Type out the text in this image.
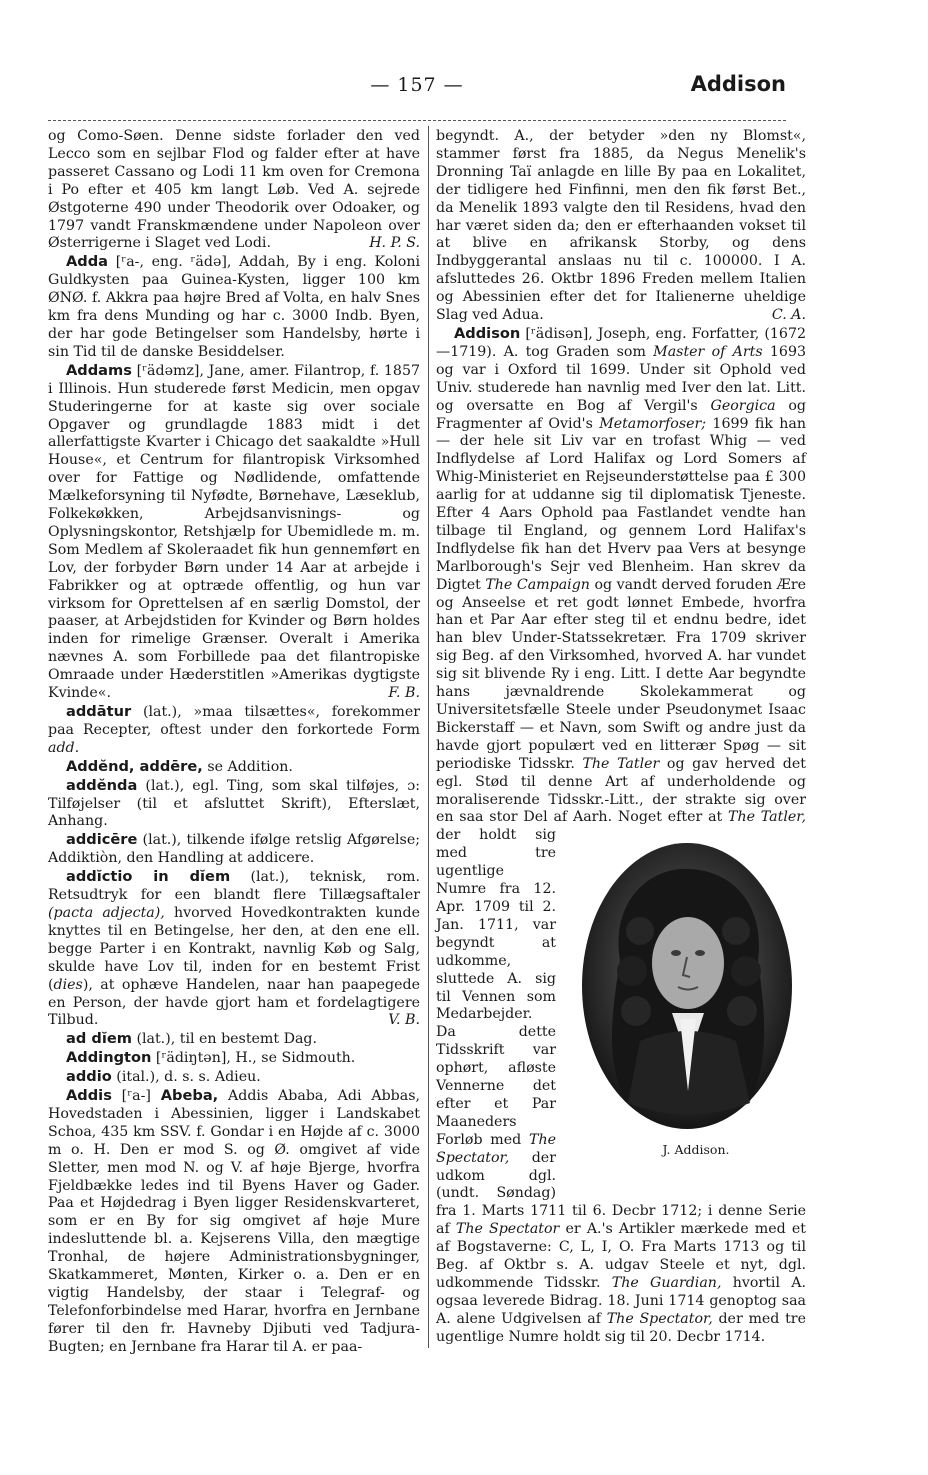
— 157 —	Addison

og Como-Søen. Denne sidste forlader den ved Lecco som en sejlbar Flod og falder efter at have passeret Cassano og Lodi 11 km oven for Cremona i Po efter et 405 km langt Løb. Ved A. sejrede Østgoterne 490 under Theodorik over Odoaker, og 1797 vandt Franskmændene under Napoleon over Østerrigerne i Slaget ved Lodi.	H. P. S.

Adda [ʳa-, eng. ʳädə], Addah, By i eng. Koloni Guldkysten paa Guinea-Kysten, ligger 100 km ØNØ. f. Akkra paa højre Bred af Volta, en halv Snes km fra dens Munding og har c. 3000 Indb. Byen, der har gode Betingelser som Handelsby, hørte i sin Tid til de danske Besiddelser.

Addams [ʳädəmz], Jane, amer. Filantrop, f. 1857 i Illinois. Hun studerede først Medicin, men opgav Studeringerne for at kaste sig over sociale Opgaver og grundlagde 1883 midt i det allerfattigste Kvarter i Chicago det saakaldte »Hull House«, et Centrum for filantropisk Virksomhed over for Fattige og Nødlidende, omfattende Mælkeforsyning til Nyfødte, Børnehave, Læseklub, Folkekøkken, Arbejdsanvisnings- og Oplysningskontor, Retshjælp for Ubemidlede m. m. Som Medlem af Skoleraadet fik hun gennemført en Lov, der forbyder Børn under 14 Aar at arbejde i Fabrikker og at optræde offentlig, og hun var virksom for Oprettelsen af en særlig Domstol, der paaser, at Arbejdstiden for Kvinder og Børn holdes inden for rimelige Grænser. Overalt i Amerika nævnes A. som Forbillede paa det filantropiske Omraade under Hæderstitlen »Amerikas dygtigste Kvinde«.	F. B.

addātur (lat.), »maa tilsættes«, forekommer paa Recepter, oftest under den forkortede Form add.

Addĕnd, addēre, se Addition.

addĕnda (lat.), egl. Ting, som skal tilføjes, ɔ: Tilføjelser (til et afsluttet Skrift), Efterslæt, Anhang.

addicēre (lat.), tilkende ifølge retslig Afgørelse; Addiktiòn, den Handling at addicere.

addĭctio in dĭem (lat.), teknisk, rom. Retsudtryk for een blandt flere Tillægsaftaler (pacta adjecta), hvorved Hovedkontrakten kunde knyttes til en Betingelse, her den, at den ene ell. begge Parter i en Kontrakt, navnlig Køb og Salg, skulde have Lov til, inden for en bestemt Frist (dies), at ophæve Handelen, naar han paapegede en Person, der havde gjort ham et fordelagtigere Tilbud.	V. B.

ad dĭem (lat.), til en bestemt Dag.

Addington [ʳädiŋtən], H., se Sidmouth.

addio (ital.), d. s. s. Adieu.

Addis [ʳa-] Abeba, Addis Ababa, Adi Abbas, Hovedstaden i Abessinien, ligger i Landskabet Schoa, 435 km SSV. f. Gondar i en Højde af c. 3000 m o. H. Den er mod S. og Ø. omgivet af vide Sletter, men mod N. og V. af høje Bjerge, hvorfra Fjeldbække ledes ind til Byens Haver og Gader. Paa et Højdedrag i Byen ligger Residenskvarteret, som er en By for sig omgivet af høje Mure indesluttende bl. a. Kejserens Villa, den mægtige Tronhal, de højere Administrationsbygninger, Skatkammeret, Mønten, Kirker o. a. Den er en vigtig Handelsby, der staar i Telegraf- og Telefonforbindelse med Harar, hvorfra en Jernbane fører til den fr. Havneby Djibuti ved Tadjura-Bugten; en Jernbane fra Harar til A. er paa-

begyndt. A., der betyder »den ny Blomst«, stammer først fra 1885, da Negus Menelik's Dronning Taï anlagde en lille By paa en Lokalitet, der tidligere hed Finfinni, men den fik først Bet., da Menelik 1893 valgte den til Residens, hvad den har været siden da; den er efterhaanden vokset til at blive en afrikansk Storby, og dens Indbyggerantal anslaas nu til c. 100000. I A. afsluttedes 26. Oktbr 1896 Freden mellem Italien og Abessinien efter det for Italienerne uheldige Slag ved Adua.	C. A.

Addison [ʳädisən], Joseph, eng. Forfatter, (1672—1719). A. tog Graden som Master of Arts 1693 og var i Oxford til 1699. Under sit Ophold ved Univ. studerede han navnlig med Iver den lat. Litt. og oversatte en Bog af Vergil's Georgica og Fragmenter af Ovid's Metamorfoser; 1699 fik han — der hele sit Liv var en trofast Whig — ved Indflydelse af Lord Halifax og Lord Somers af Whig-Ministeriet en Rejseunderstøttelse paa £ 300 aarlig for at uddanne sig til diplomatisk Tjeneste. Efter 4 Aars Ophold paa Fastlandet vendte han tilbage til England, og gennem Lord Halifax's Indflydelse fik han det Hverv paa Vers at besynge Marlborough's Sejr ved Blenheim. Han skrev da Digtet The Campaign og vandt derved foruden Ære og Anseelse et ret godt lønnet Embede, hvorfra han et Par Aar efter steg til et endnu bedre, idet han blev Under-Statssekretær. Fra 1709 skriver sig Beg. af den Virksomhed, hvorved A. har vundet sig sit blivende Ry i eng. Litt. I dette Aar begyndte hans jævnaldrende Skolekammerat og Universitetsfælle Steele under Pseudonymet Isaac Bickerstaff — et Navn, som Swift og andre just da havde gjort populært ved en litterær Spøg — sit periodiske Tidsskr. The Tatler og gav herved det egl. Stød til denne Art af underholdende og moraliserende Tidsskr.-Litt., der strakte sig over en saa stor Del af Aarh. Noget efter at The Tatler,
J. Addison.
der holdt sig med tre ugentlige Numre fra 12. Apr. 1709 til 2. Jan. 1711, var begyndt at udkomme, sluttede A. sig til Vennen som Medarbejder. Da dette Tidsskrift var ophørt, afløste Vennerne det efter et Par Maaneders Forløb med The Spectator, der udkom dgl. (undt. Søndag) fra 1. Marts 1711 til 6. Decbr 1712; i denne Serie af The Spectator er A.'s Artikler mærkede med et af Bogstaverne: C, L, I, O. Fra Marts 1713 og til Beg. af Oktbr s. A. udgav Steele et nyt, dgl. udkommende Tidsskr. The Guardian, hvortil A. ogsaa leverede Bidrag. 18. Juni 1714 genoptog saa A. alene Udgivelsen af The Spectator, der med tre ugentlige Numre holdt sig til 20. Decbr 1714.
